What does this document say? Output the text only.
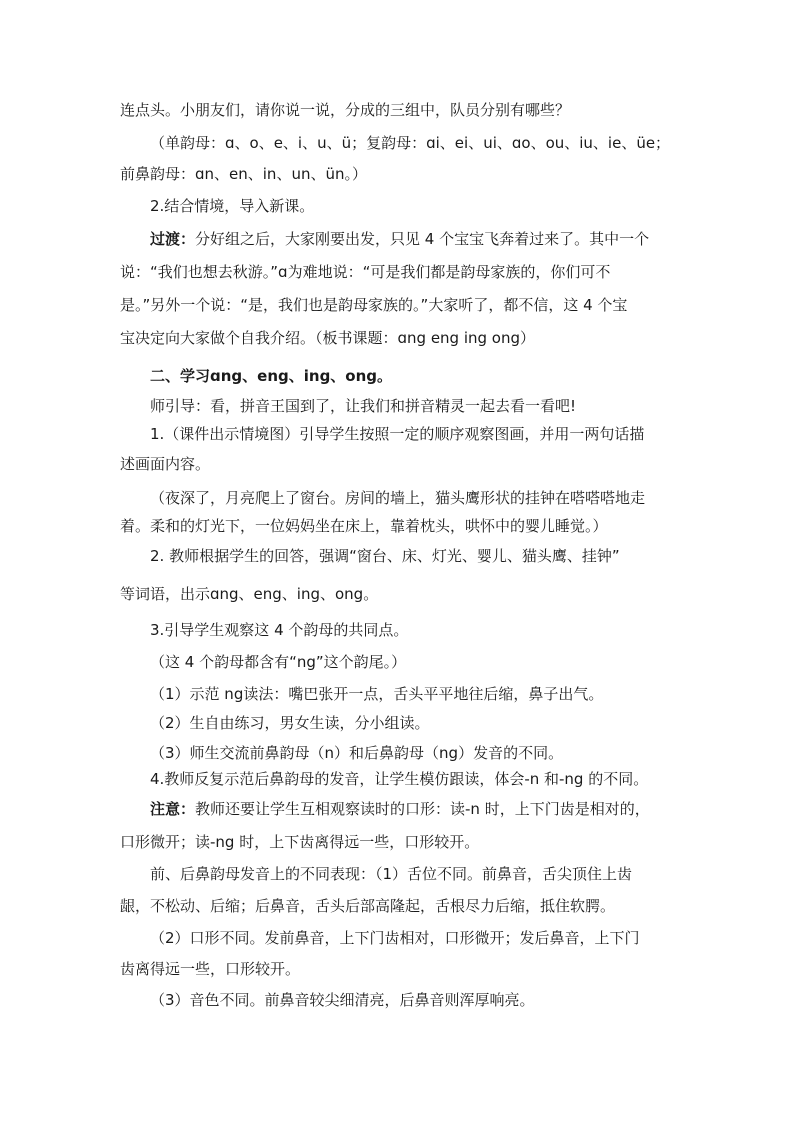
连点头。小朋友们，请你说一说，分成的三组中，队员分别有哪些？
（单韵母：ɑ、o、e、i、u、ü；复韵母：ɑi、ei、ui、ɑo、ou、iu、ie、üe；
前鼻韵母：ɑn、en、in、un、ün。）
2.结合情境，导入新课。
过渡：分好组之后，大家刚要出发，只见 4 个宝宝飞奔着过来了。其中一个
说：“我们也想去秋游。”ɑ为难地说：“可是我们都是韵母家族的，你们可不
是。”另外一个说：“是，我们也是韵母家族的。”大家听了，都不信，这 4 个宝
宝决定向大家做个自我介绍。（板书课题：ɑng eng ing ong）
二、学习ɑng、eng、ing、ong。
师引导：看，拼音王国到了，让我们和拼音精灵一起去看一看吧!
1.（课件出示情境图）引导学生按照一定的顺序观察图画，并用一两句话描
述画面内容。
（夜深了，月亮爬上了窗台。房间的墙上，猫头鹰形状的挂钟在嗒嗒嗒地走
着。柔和的灯光下，一位妈妈坐在床上，靠着枕头，哄怀中的婴儿睡觉。）
2. 教师根据学生的回答，强调“窗台、床、灯光、婴儿、猫头鹰、挂钟”
等词语，出示ɑng、eng、ing、ong。
3.引导学生观察这 4 个韵母的共同点。
（这 4 个韵母都含有“ng”这个韵尾。）
（1）示范 ng读法：嘴巴张开一点，舌头平平地往后缩，鼻子出气。
（2）生自由练习，男女生读，分小组读。
（3）师生交流前鼻韵母（n）和后鼻韵母（ng）发音的不同。
4.教师反复示范后鼻韵母的发音，让学生模仿跟读，体会-n 和-ng 的不同。
注意：教师还要让学生互相观察读时的口形：读-n 时，上下门齿是相对的，
口形微开；读-ng 时，上下齿离得远一些，口形较开。
前、后鼻韵母发音上的不同表现：（1）舌位不同。前鼻音，舌尖顶住上齿
龈，不松动、后缩；后鼻音，舌头后部高隆起，舌根尽力后缩，抵住软腭。
（2）口形不同。发前鼻音，上下门齿相对，口形微开；发后鼻音，上下门
齿离得远一些，口形较开。
（3）音色不同。前鼻音较尖细清亮，后鼻音则浑厚响亮。
